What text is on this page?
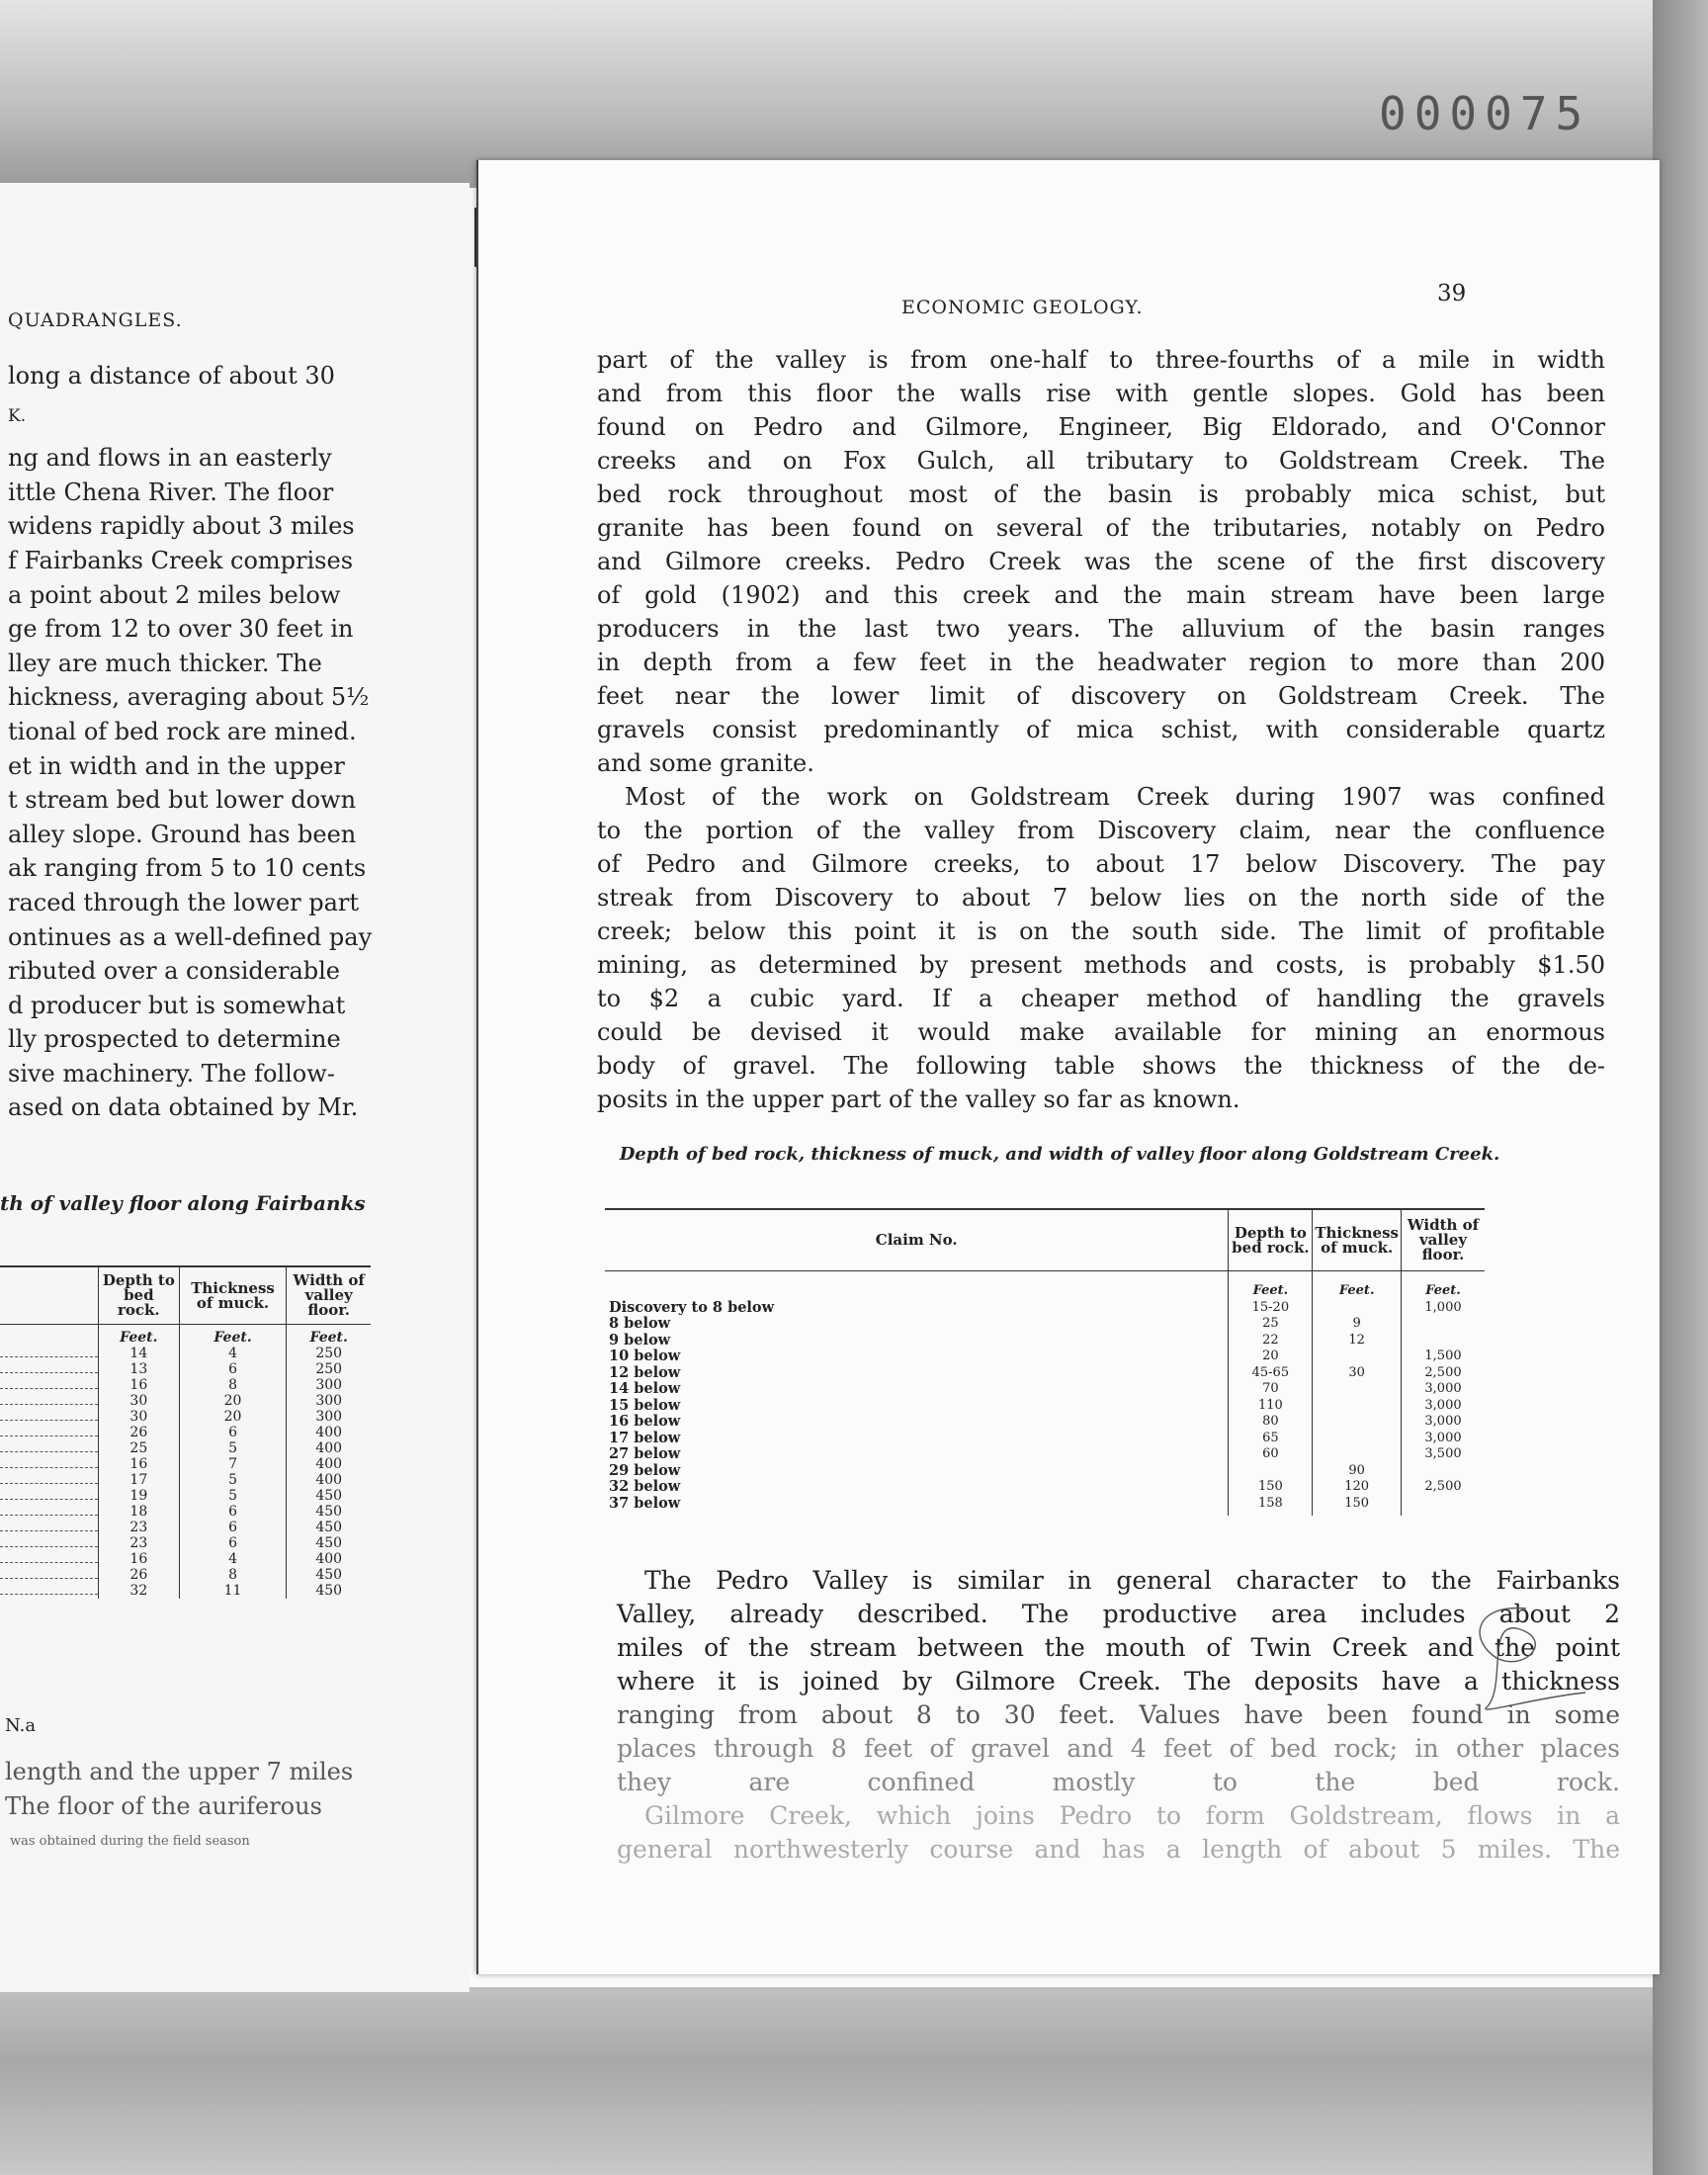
000075
QUADRANGLES.
long a distance of about 30
K.
ng and flows in an easterly
ittle Chena River. The floor
widens rapidly about 3 miles
f Fairbanks Creek comprises
a point about 2 miles below
ge from 12 to over 30 feet in
lley are much thicker. The
hickness, averaging about 5½
tional of bed rock are mined.
et in width and in the upper
t stream bed but lower down
alley slope. Ground has been
ak ranging from 5 to 10 cents
raced through the lower part
ontinues as a well-defined pay
ributed over a considerable
d producer but is somewhat
lly prospected to determine
sive machinery. The follow-
ased on data obtained by Mr.
th of valley floor along Fairbanks
	Depth to bed rock.	Thickness of muck.	Width of valley floor.
	Feet.	Feet.	Feet.

	14	4	250

	13	6	250

	16	8	300

	30	20	300

	30	20	300

	26	6	400

	25	5	400

	16	7	400

	17	5	400

	19	5	450

	18	6	450

	23	6	450

	23	6	450

	16	4	400

	26	8	450

	32	11	450
N.a
length and the upper 7 miles
The floor of the auriferous
was obtained during the field season
ECONOMIC GEOLOGY.
39
part of the valley is from one-half to three-fourths of a mile in width
and from this floor the walls rise with gentle slopes. Gold has been
found on Pedro and Gilmore, Engineer, Big Eldorado, and O'Connor
creeks and on Fox Gulch, all tributary to Goldstream Creek. The
bed rock throughout most of the basin is probably mica schist, but
granite has been found on several of the tributaries, notably on Pedro
and Gilmore creeks. Pedro Creek was the scene of the first discovery
of gold (1902) and this creek and the main stream have been large
producers in the last two years. The alluvium of the basin ranges
in depth from a few feet in the headwater region to more than 200
feet near the lower limit of discovery on Goldstream Creek. The
gravels consist predominantly of mica schist, with considerable quartz
and some granite.
Most of the work on Goldstream Creek during 1907 was confined
to the portion of the valley from Discovery claim, near the confluence
of Pedro and Gilmore creeks, to about 17 below Discovery. The pay
streak from Discovery to about 7 below lies on the north side of the
creek; below this point it is on the south side. The limit of profitable
mining, as determined by present methods and costs, is probably $1.50
to $2 a cubic yard. If a cheaper method of handling the gravels
could be devised it would make available for mining an enormous
body of gravel. The following table shows the thickness of the de-
posits in the upper part of the valley so far as known.
Depth of bed rock, thickness of muck, and width of valley floor along Goldstream Creek.
Claim No.	Depth to bed rock.	Thickness of muck.	Width of valley floor.
	Feet.	Feet.	Feet.
Discovery to 8 below	15-20		1,000
8 below	25	9	
9 below	22	12	
10 below	20		1,500
12 below	45-65	30	2,500
14 below	70		3,000
15 below	110		3,000
16 below	80		3,000
17 below	65		3,000
27 below	60		3,500
29 below		90	
32 below	150	120	2,500
37 below	158	150	
The Pedro Valley is similar in general character to the Fairbanks
Valley, already described. The productive area includes about 2
miles of the stream between the mouth of Twin Creek and the point
where it is joined by Gilmore Creek. The deposits have a thickness
ranging from about 8 to 30 feet. Values have been found in some
places through 8 feet of gravel and 4 feet of bed rock; in other places
they are confined mostly to the bed rock.
Gilmore Creek, which joins Pedro to form Goldstream, flows in a
general northwesterly course and has a length of about 5 miles. The
